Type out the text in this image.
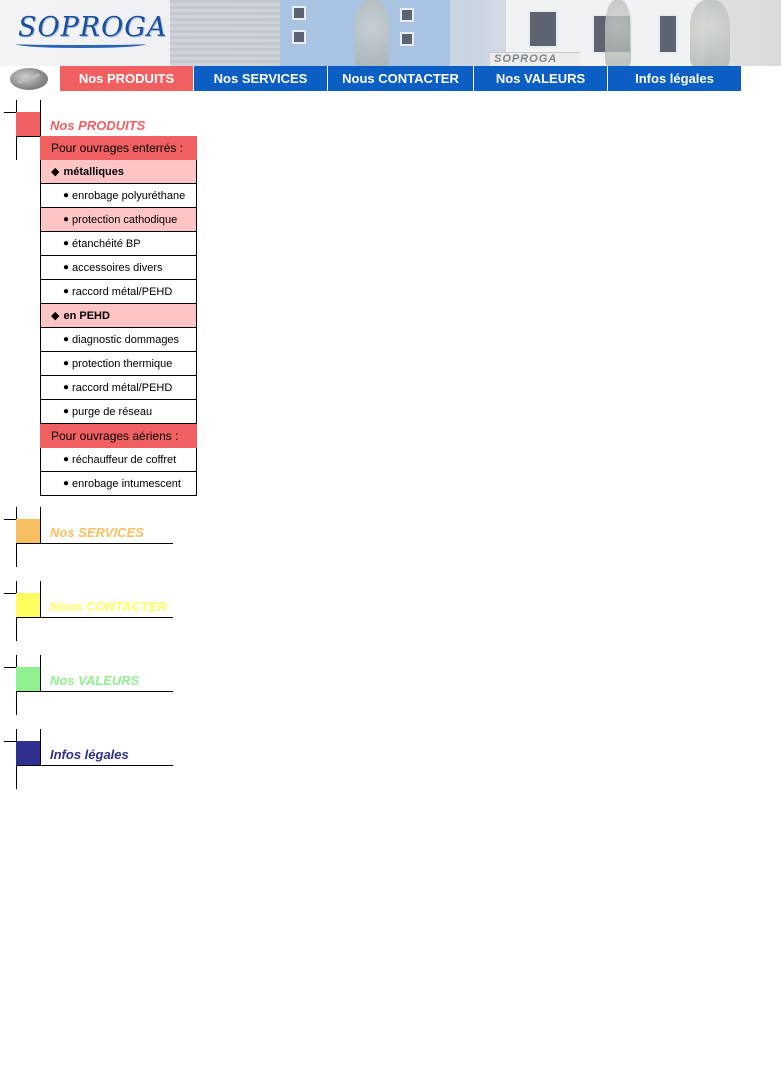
SOPROGA
SOPROGA
Nos PRODUITS	Nos SERVICES	Nous CONTACTER	Nos VALEURS	Infos légales
Nos PRODUITS
Pour ouvrages enterrés :
◆ métalliques
● enrobage polyuréthane
● protection cathodique
● étanchéité BP
● accessoires divers
● raccord métal/PEHD
◆ en PEHD
● diagnostic dommages
● protection thermique
● raccord métal/PEHD
● purge de réseau
Pour ouvrages aériens :
● réchauffeur de coffret
● enrobage intumescent
Nos SERVICES
Nous CONTACTER
Nos VALEURS
Infos légales
